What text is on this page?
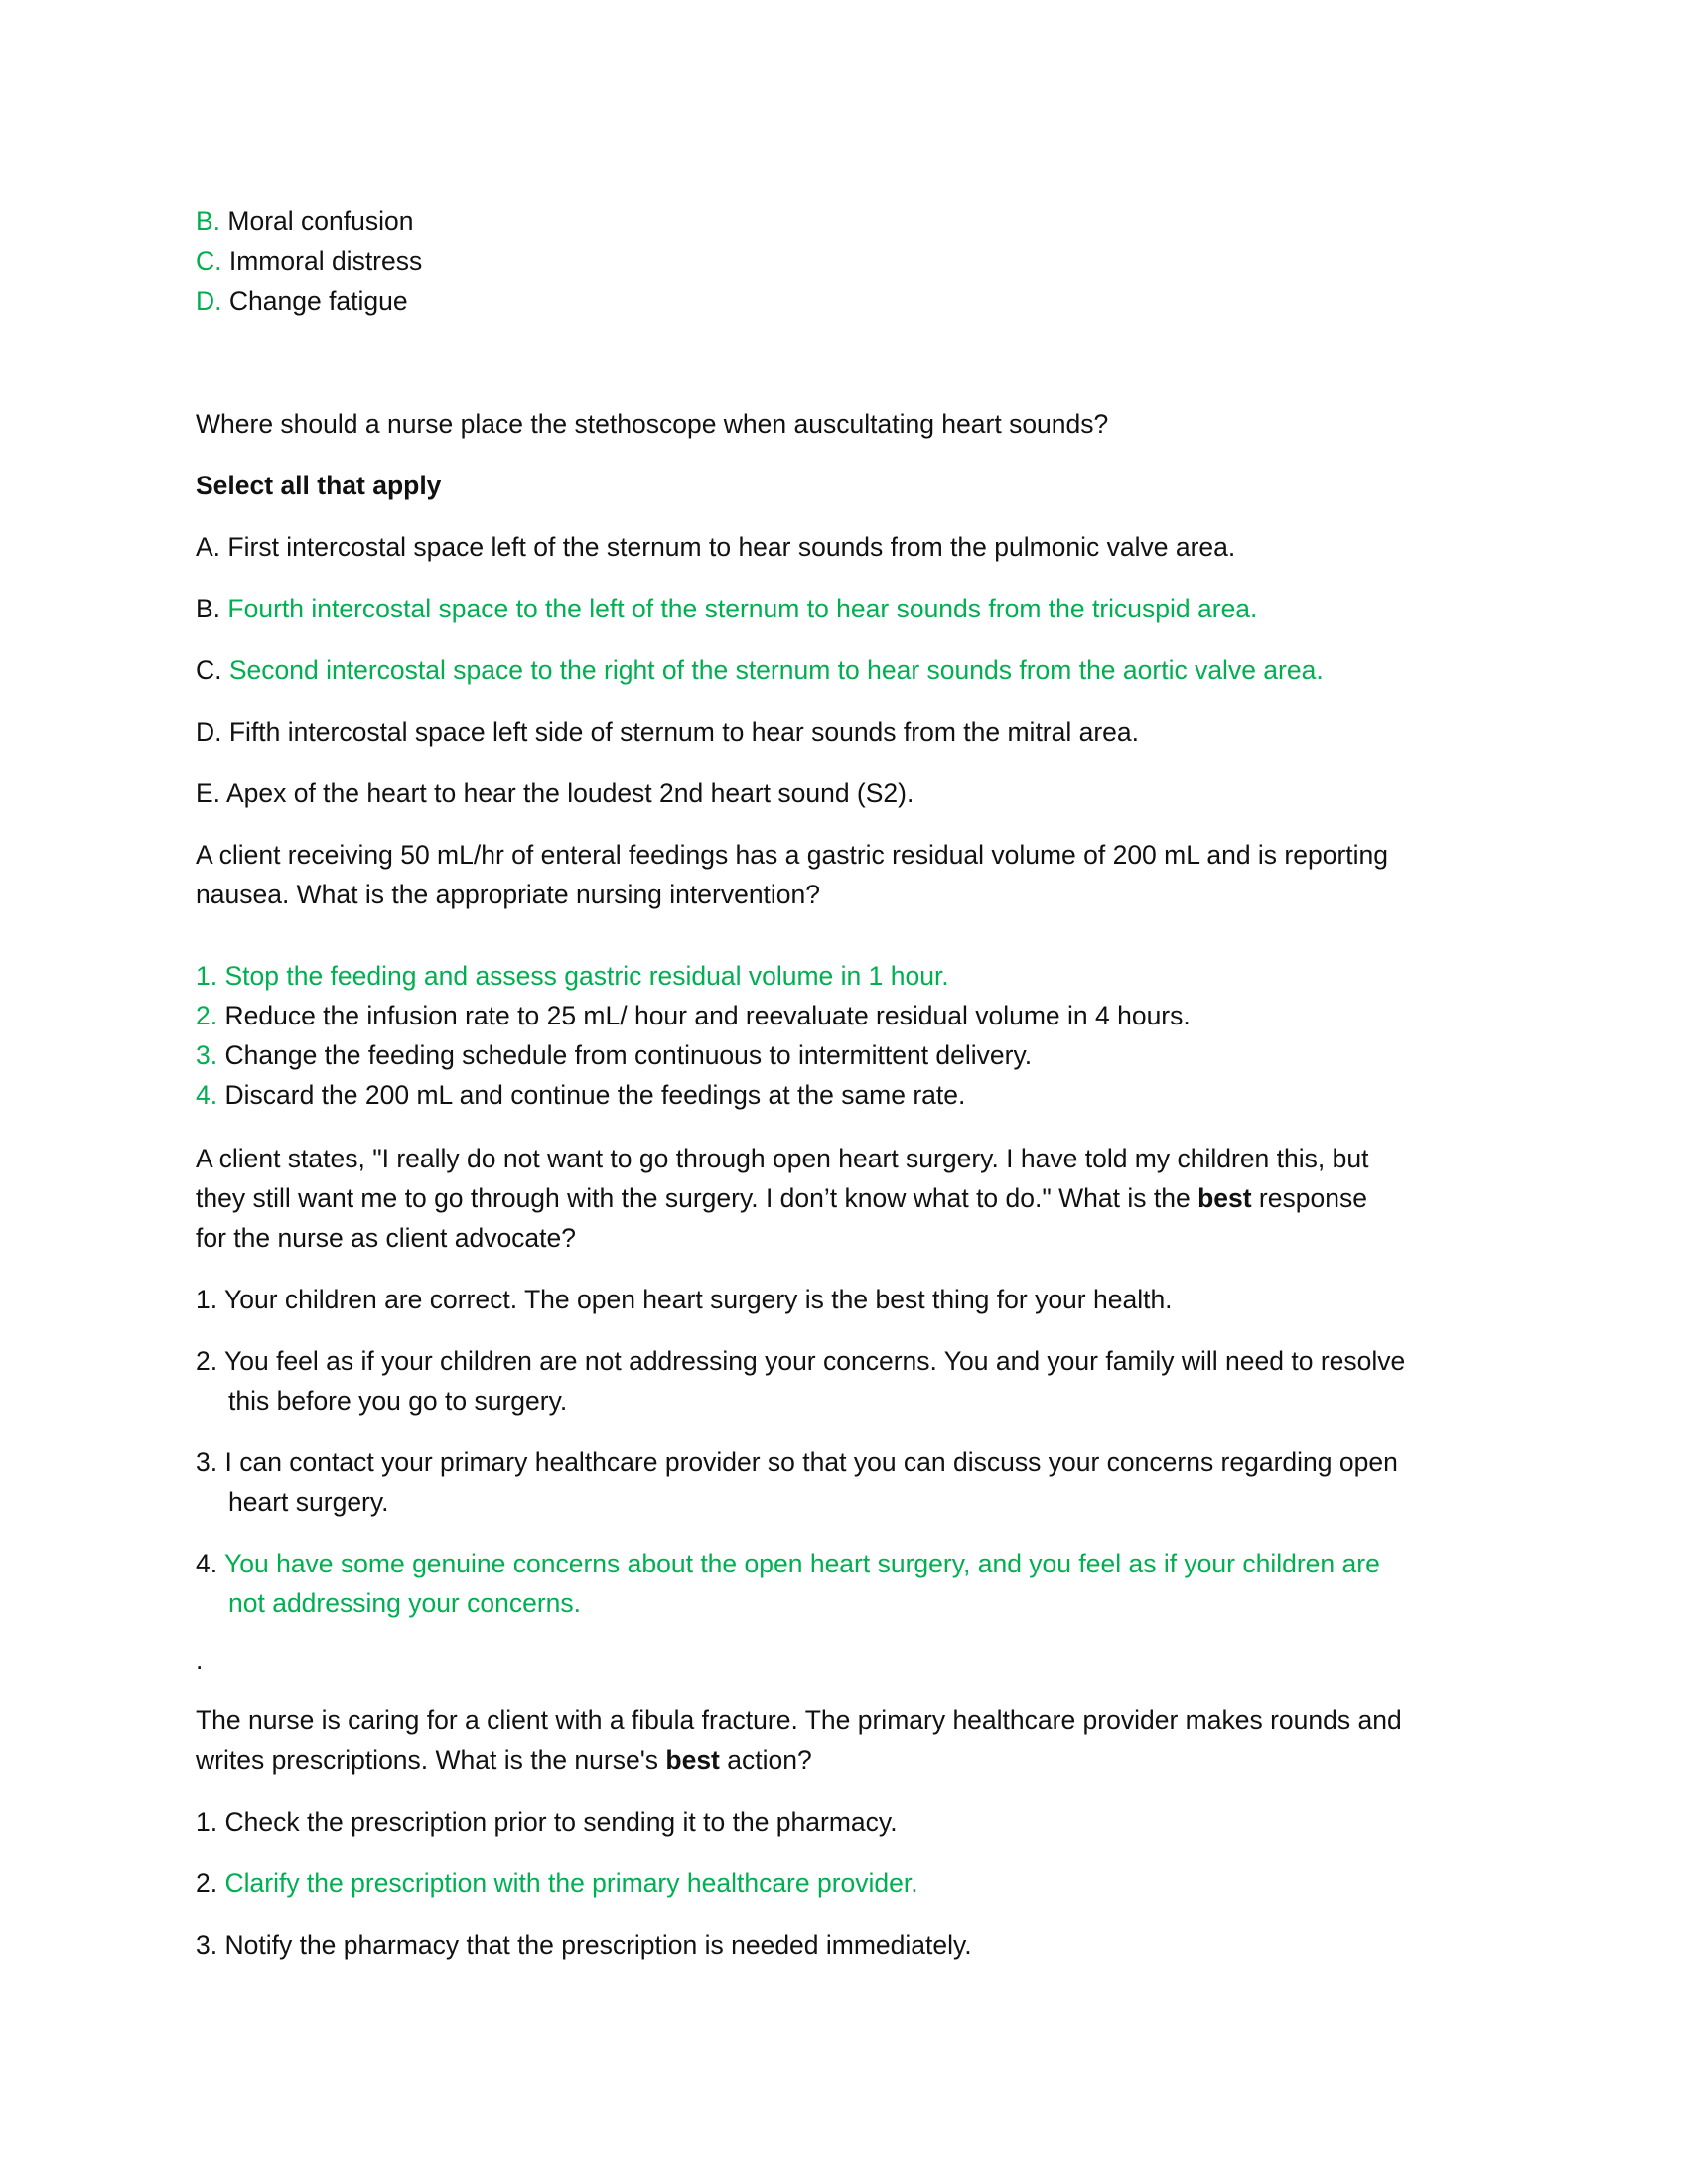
B. Moral confusion
C. Immoral distress
D. Change fatigue
Where should a nurse place the stethoscope when auscultating heart sounds?
Select all that apply
A. First intercostal space left of the sternum to hear sounds from the pulmonic valve area.
B. Fourth intercostal space to the left of the sternum to hear sounds from the tricuspid area.
C. Second intercostal space to the right of the sternum to hear sounds from the aortic valve area.
D. Fifth intercostal space left side of sternum to hear sounds from the mitral area.
E. Apex of the heart to hear the loudest 2nd heart sound (S2).
A client receiving 50 mL/hr of enteral feedings has a gastric residual volume of 200 mL and is reporting
nausea. What is the appropriate nursing intervention?
1. Stop the feeding and assess gastric residual volume in 1 hour.
2. Reduce the infusion rate to 25 mL/ hour and reevaluate residual volume in 4 hours.
3. Change the feeding schedule from continuous to intermittent delivery.
4. Discard the 200 mL and continue the feedings at the same rate.
A client states, "I really do not want to go through open heart surgery. I have told my children this, but
they still want me to go through with the surgery. I don’t know what to do." What is the best response
for the nurse as client advocate?
1. Your children are correct. The open heart surgery is the best thing for your health.
2. You feel as if your children are not addressing your concerns. You and your family will need to resolve
this before you go to surgery.
3. I can contact your primary healthcare provider so that you can discuss your concerns regarding open
heart surgery.
4. You have some genuine concerns about the open heart surgery, and you feel as if your children are
not addressing your concerns.
.
The nurse is caring for a client with a fibula fracture. The primary healthcare provider makes rounds and
writes prescriptions. What is the nurse's best action?
1. Check the prescription prior to sending it to the pharmacy.
2. Clarify the prescription with the primary healthcare provider.
3. Notify the pharmacy that the prescription is needed immediately.
